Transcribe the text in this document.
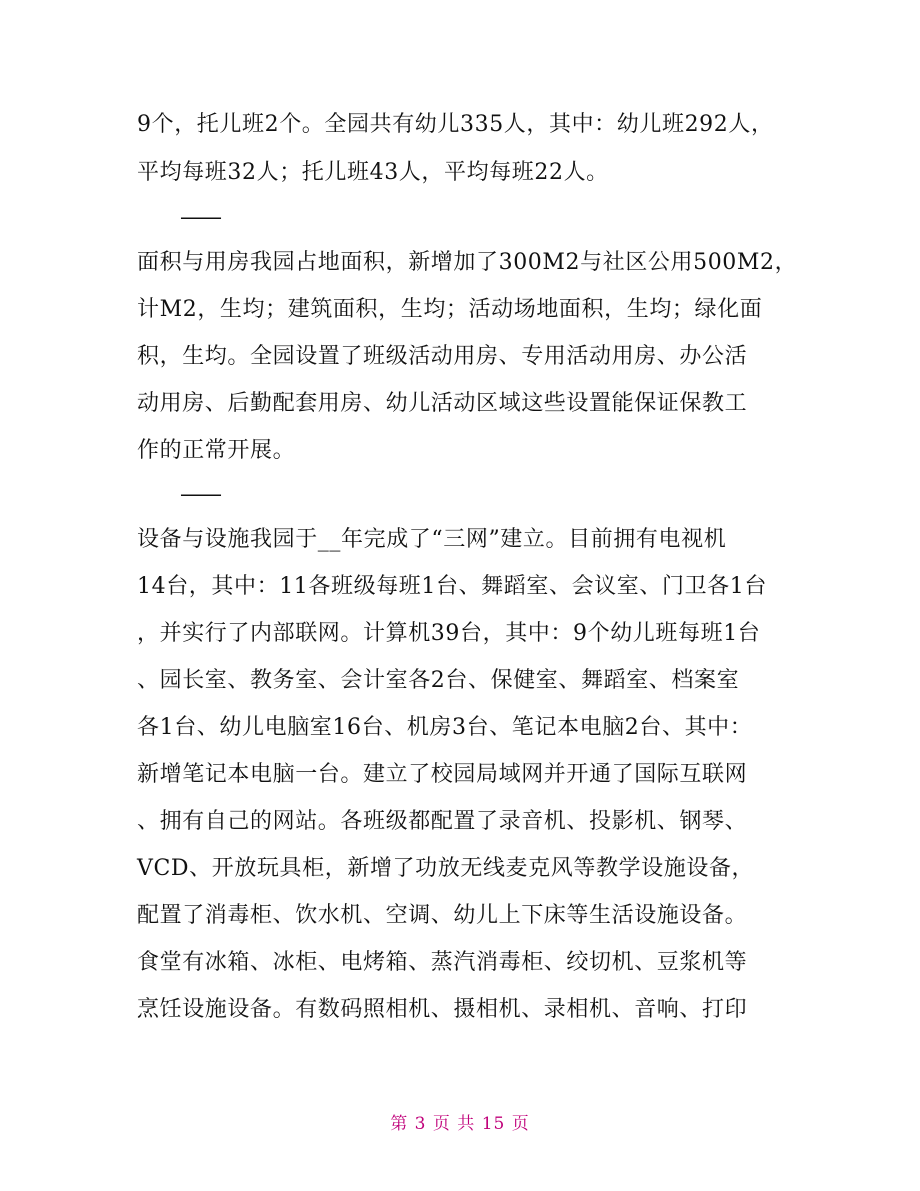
9个，托儿班2个。全园共有幼儿335人，其中：幼儿班292人，
平均每班32人；托儿班43人，平均每班22人。
——
面积与用房我园占地面积，新增加了300M2与社区公用500M2，
计M2，生均；建筑面积，生均；活动场地面积，生均；绿化面
积，生均。全园设置了班级活动用房、专用活动用房、办公活
动用房、后勤配套用房、幼儿活动区域这些设置能保证保教工
作的正常开展。
——
设备与设施我园于__年完成了“三网”建立。目前拥有电视机
14台，其中：11各班级每班1台、舞蹈室、会议室、门卫各1台
，并实行了内部联网。计算机39台，其中：9个幼儿班每班1台
、园长室、教务室、会计室各2台、保健室、舞蹈室、档案室
各1台、幼儿电脑室16台、机房3台、笔记本电脑2台、其中：
新增笔记本电脑一台。建立了校园局域网并开通了国际互联网
、拥有自己的网站。各班级都配置了录音机、投影机、钢琴、
VCD、开放玩具柜，新增了功放无线麦克风等教学设施设备，
配置了消毒柜、饮水机、空调、幼儿上下床等生活设施设备。
食堂有冰箱、冰柜、电烤箱、蒸汽消毒柜、绞切机、豆浆机等
烹饪设施设备。有数码照相机、摄相机、录相机、音响、打印
第 3 页 共 15 页
